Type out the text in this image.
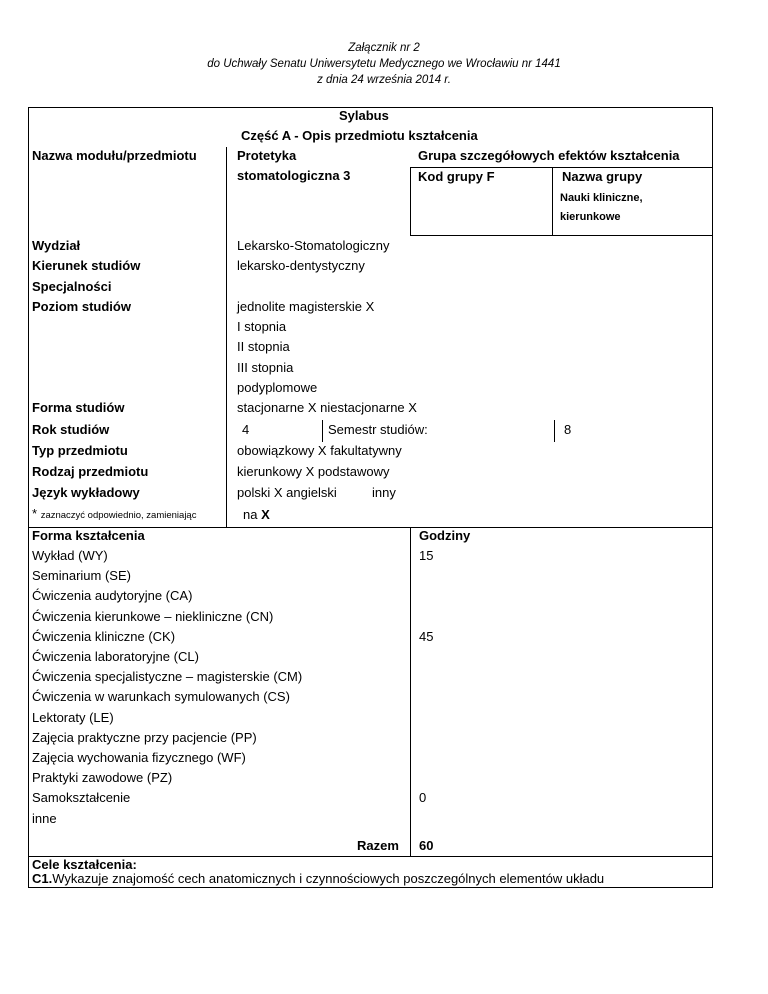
Załącznik nr 2
do Uchwały Senatu Uniwersytetu Medycznego we Wrocławiu nr 1441
z dnia 24 września 2014 r.
Sylabus
Część A - Opis przedmiotu kształcenia
Nazwa modułu/przedmiotu	Protetyka
stomatologiczna 3
Grupa szczegółowych efektów kształcenia
Kod grupy F	Nazwa grupy
Nauki kliniczne,
kierunkowe
Wydział	Lekarsko-Stomatologiczny
Kierunek studiów	lekarsko-dentystyczny
Specjalności
Poziom studiów	jednolite magisterskie X
I stopnia
II stopnia
III stopnia
podyplomowe
Forma studiów	stacjonarne X niestacjonarne X
Rok studiów	4	Semestr studiów:	8
Typ przedmiotu	obowiązkowy X fakultatywny
Rodzaj przedmiotu	kierunkowy X podstawowy
Język wykładowy	polski X angielski	inny
* zaznaczyć odpowiednio, zamieniając	na X
Forma kształcenia	Godziny
Wykład (WY)	15
Seminarium (SE)
Ćwiczenia audytoryjne (CA)
Ćwiczenia kierunkowe – niekliniczne (CN)
Ćwiczenia kliniczne (CK)	45
Ćwiczenia laboratoryjne (CL)
Ćwiczenia specjalistyczne – magisterskie (CM)
Ćwiczenia w warunkach symulowanych (CS)
Lektoraty (LE)
Zajęcia praktyczne przy pacjencie (PP)
Zajęcia wychowania fizycznego (WF)
Praktyki zawodowe (PZ)
Samokształcenie	0
inne
Razem 60
Cele kształcenia:
C1.Wykazuje znajomość cech anatomicznych i czynnościowych poszczególnych elementów układu
